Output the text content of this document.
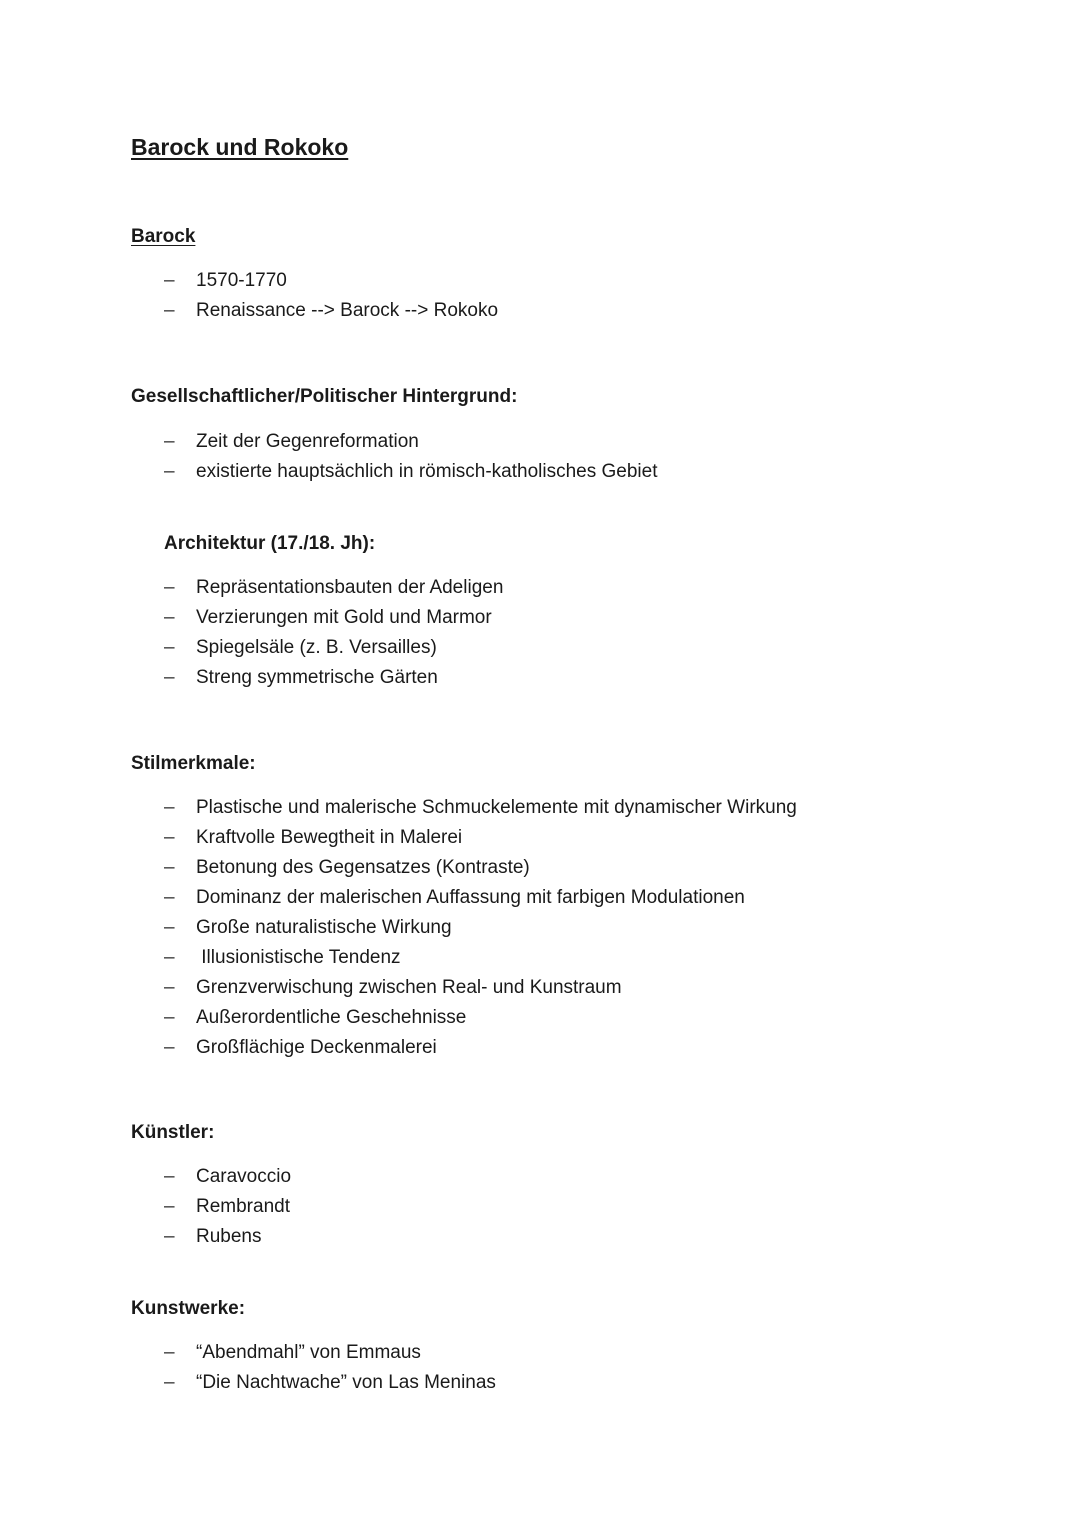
Barock und Rokoko
Barock
– 1570-1770
– Renaissance --> Barock --> Rokoko
Gesellschaftlicher/Politischer Hintergrund:
– Zeit der Gegenreformation
– existierte hauptsächlich in römisch-katholisches Gebiet
Architektur (17./18. Jh):
– Repräsentationsbauten der Adeligen
– Verzierungen mit Gold und Marmor
– Spiegelsäle (z. B. Versailles)
– Streng symmetrische Gärten
Stilmerkmale:
– Plastische und malerische Schmuckelemente mit dynamischer Wirkung
– Kraftvolle Bewegtheit in Malerei
– Betonung des Gegensatzes (Kontraste)
– Dominanz der malerischen Auffassung mit farbigen Modulationen
– Große naturalistische Wirkung
– Illusionistische Tendenz
– Grenzverwischung zwischen Real- und Kunstraum
– Außerordentliche Geschehnisse
– Großflächige Deckenmalerei
Künstler:
– Caravoccio
– Rembrandt
– Rubens
Kunstwerke:
– “Abendmahl” von Emmaus
– “Die Nachtwache” von Las Meninas
